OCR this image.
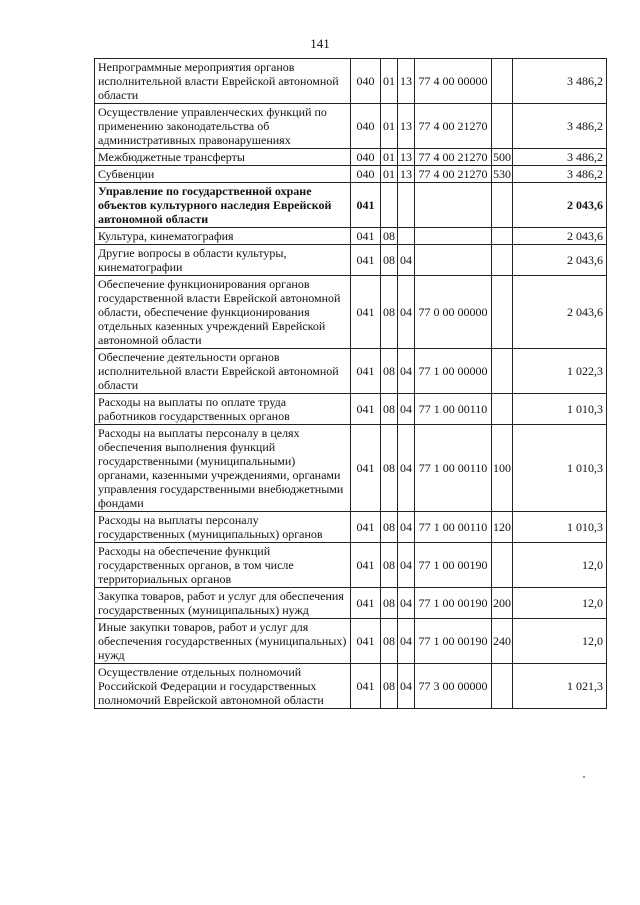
141
Непрограммные мероприятия органов исполнительной власти Еврейской автономной области	040	01	13	77 4 00 00000		3 486,2
Осуществление управленческих функций по применению законодательства об административных правонарушениях	040	01	13	77 4 00 21270		3 486,2
Межбюджетные трансферты	040	01	13	77 4 00 21270	500	3 486,2
Субвенции	040	01	13	77 4 00 21270	530	3 486,2
Управление по государственной охране объектов культурного наследия Еврейской автономной области	041					2 043,6
Культура, кинематография	041	08				2 043,6
Другие вопросы в области культуры, кинематографии	041	08	04			2 043,6
Обеспечение функционирования органов государственной власти Еврейской автономной области, обеспечение функционирования отдельных казенных учреждений Еврейской автономной области	041	08	04	77 0 00 00000		2 043,6
Обеспечение деятельности органов исполнительной власти Еврейской автономной области	041	08	04	77 1 00 00000		1 022,3
Расходы на выплаты по оплате труда работников государственных органов	041	08	04	77 1 00 00110		1 010,3
Расходы на выплаты персоналу в целях обеспечения выполнения функций государственными (муниципальными) органами, казенными учреждениями, органами управления государственными внебюджетными фондами	041	08	04	77 1 00 00110	100	1 010,3
Расходы на выплаты персоналу государственных (муниципальных) органов	041	08	04	77 1 00 00110	120	1 010,3
Расходы на обеспечение функций государственных органов, в том числе территориальных органов	041	08	04	77 1 00 00190		12,0
Закупка товаров, работ и услуг для обеспечения государственных (муниципальных) нужд	041	08	04	77 1 00 00190	200	12,0
Иные закупки товаров, работ и услуг для обеспечения государственных (муниципальных) нужд	041	08	04	77 1 00 00190	240	12,0
Осуществление отдельных полномочий Российской Федерации и государственных полномочий Еврейской автономной области	041	08	04	77 3 00 00000		1 021,3
